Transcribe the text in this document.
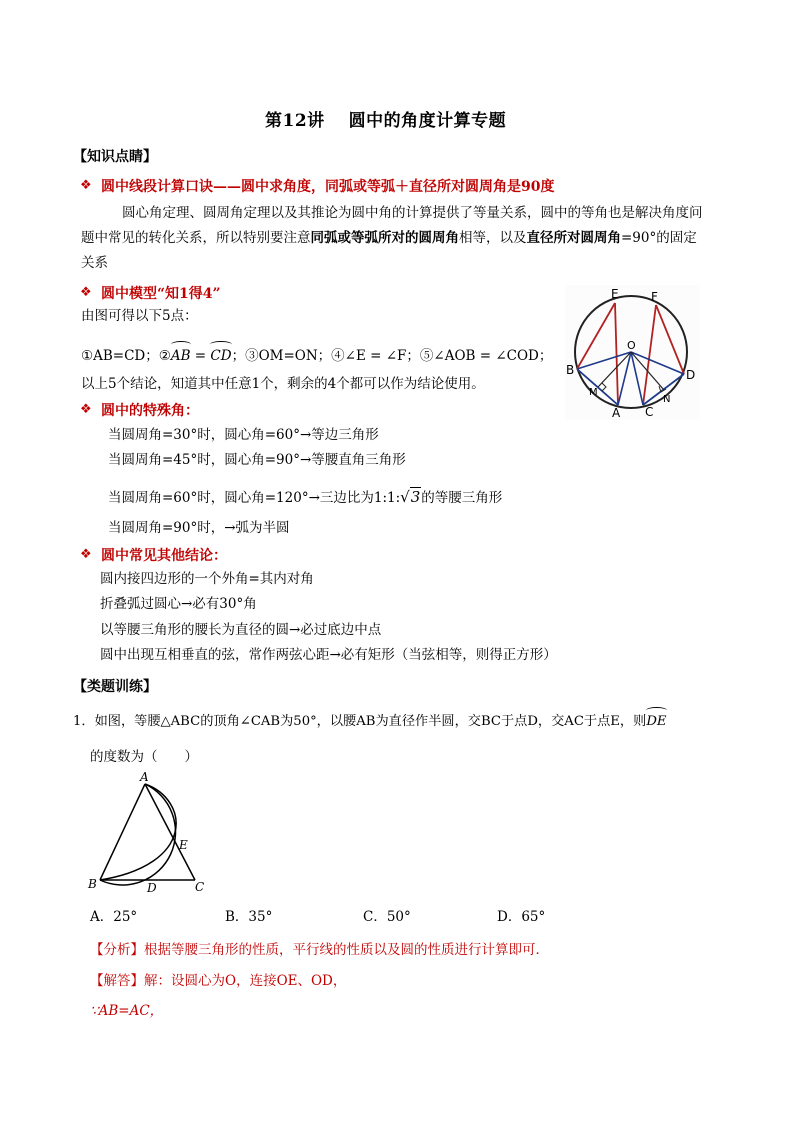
第12讲　 圆中的角度计算专题
【知识点睛】
❖ 圆中线段计算口诀——圆中求角度，同弧或等弧＋直径所对圆周角是90度
圆心角定理、圆周角定理以及其推论为圆中角的计算提供了等量关系，圆中的等角也是解决角度问
题中常见的转化关系，所以特别要注意同弧或等弧所对的圆周角相等，以及直径所对圆周角=90°的固定
关系
❖ 圆中模型“知1得4”
由图可得以下5点：
①AB=CD；②AB = CD；③OM=ON；④∠E = ∠F；⑤∠AOB = ∠COD；
以上5个结论，知道其中任意1个，剩余的4个都可以作为结论使用。
E	F
O
B	D
M
A C
N
❖ 圆中的特殊角：
当圆周角=30°时，圆心角=60°→等边三角形
当圆周角=45°时，圆心角=90°→等腰直角三角形
当圆周角=60°时，圆心角=120°→三边比为1:1:√3的等腰三角形
当圆周角=90°时，→弧为半圆
❖ 圆中常见其他结论：
圆内接四边形的一个外角=其内对角
折叠弧过圆心→必有30°角
以等腰三角形的腰长为直径的圆→必过底边中点
圆中出现互相垂直的弦，常作两弦心距→必有矩形（当弦相等，则得正方形）
【类题训练】
1．如图，等腰△ABC的顶角∠CAB为50°，以腰AB为直径作半圆，交BC于点D，交AC于点E，则DE
的度数为（　　）
A
B	C
D
E
A．25°	B．35°	C．50°	D．65°
【分析】根据等腰三角形的性质，平行线的性质以及圆的性质进行计算即可．
【解答】解：设圆心为O，连接OE、OD，
∵AB=AC，
